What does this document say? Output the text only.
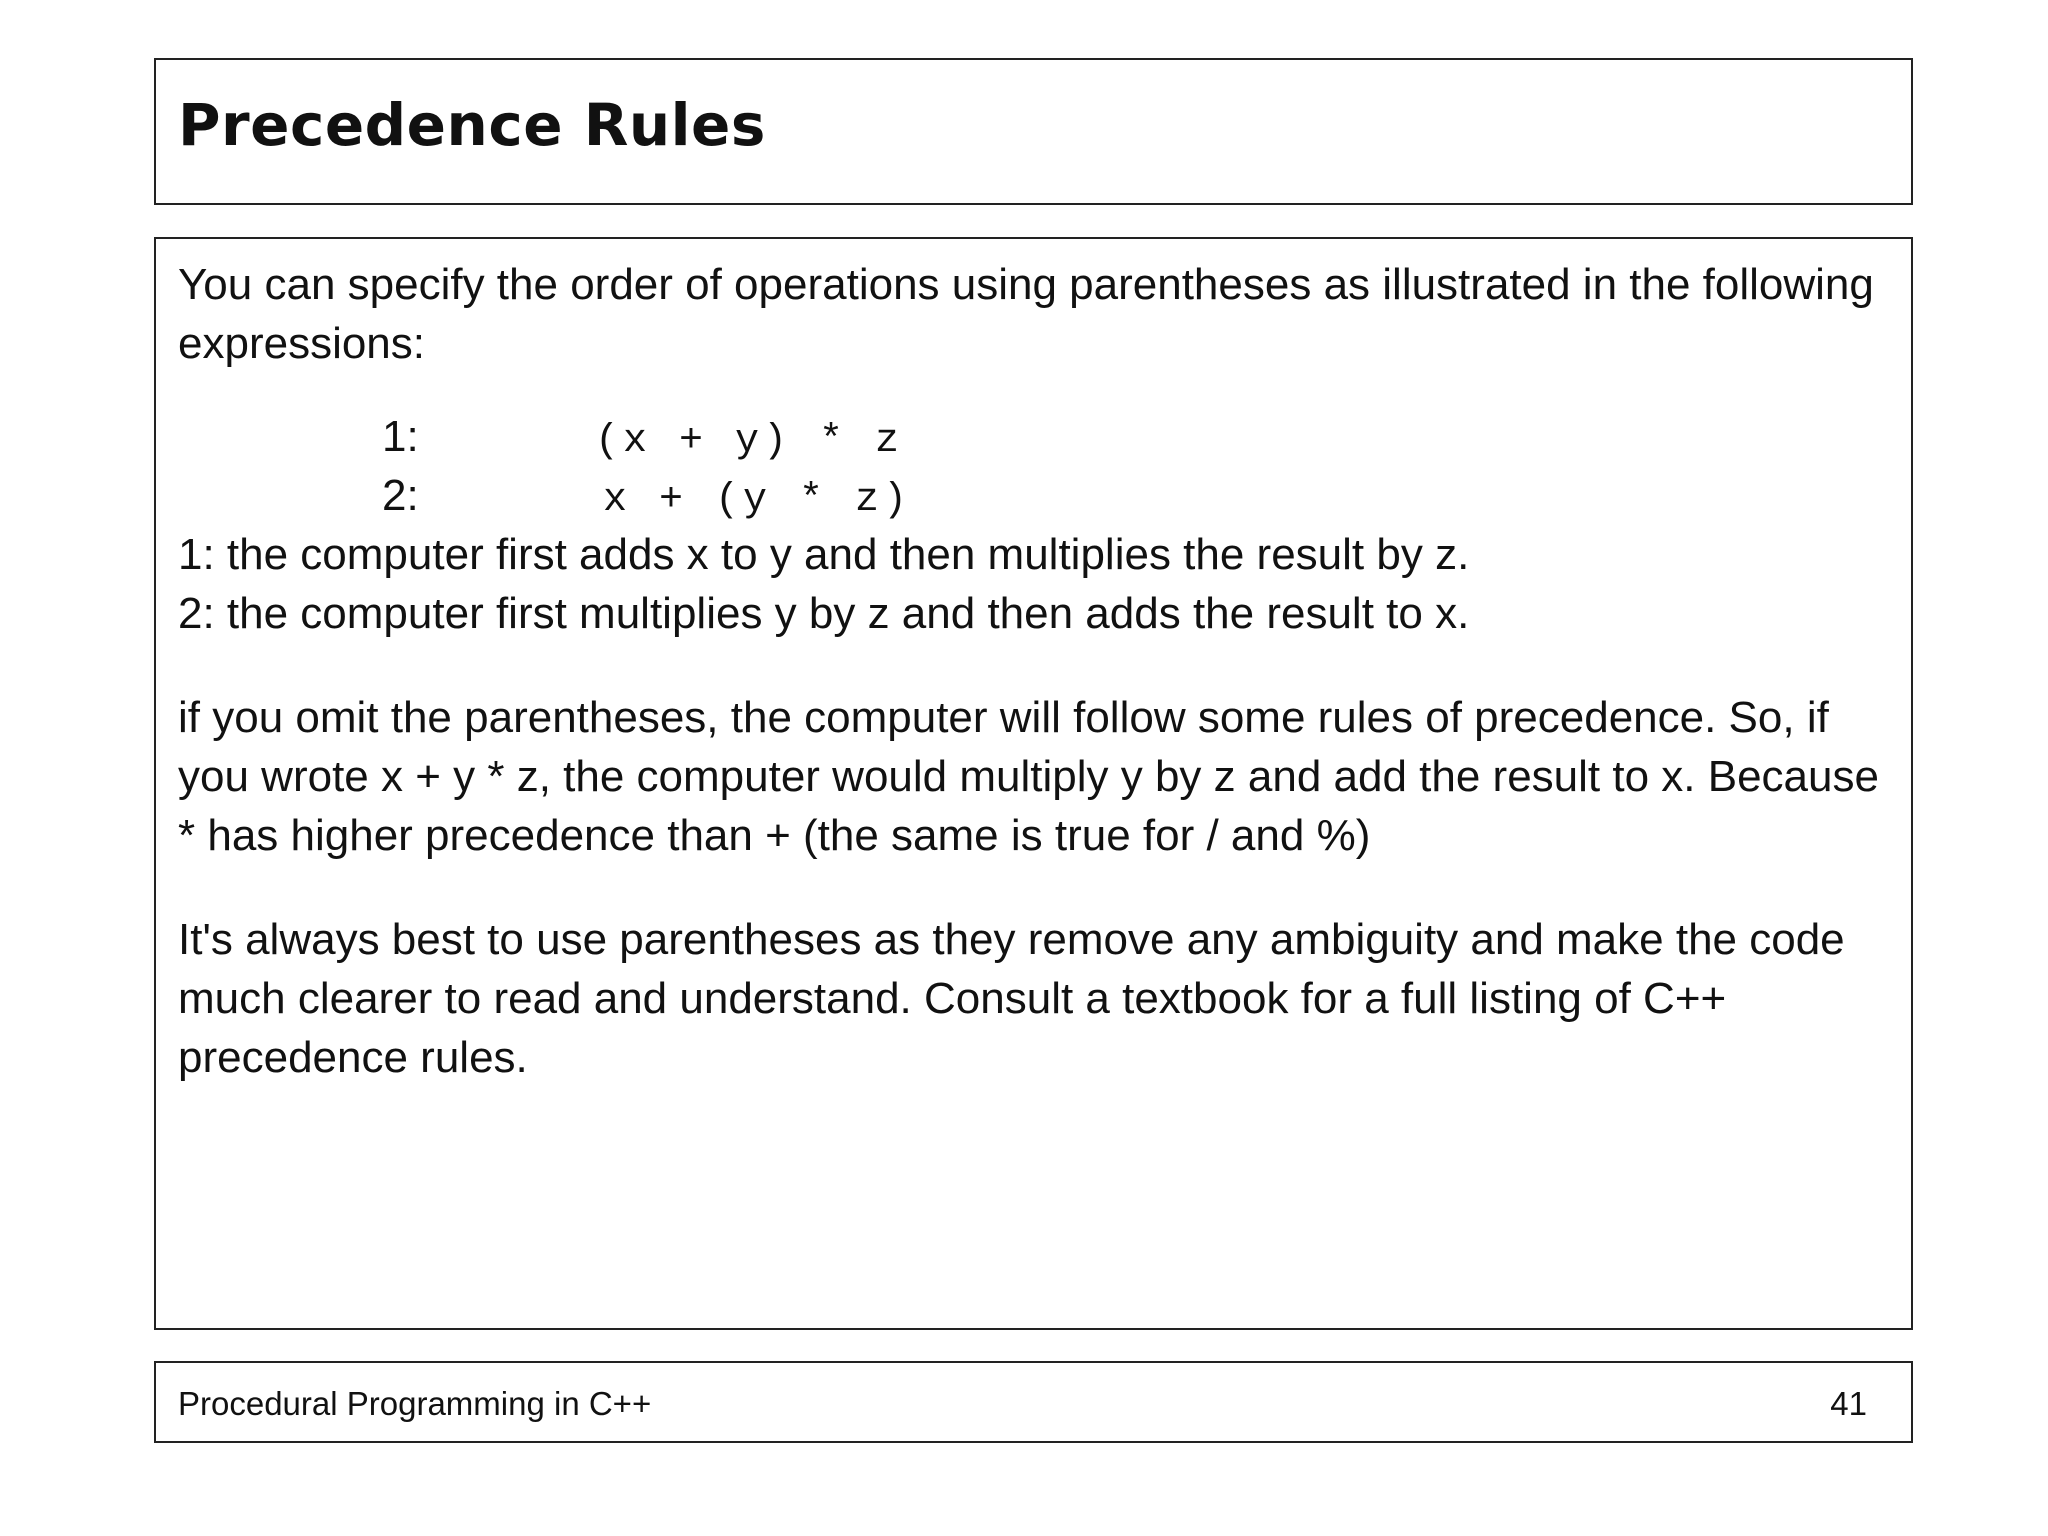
Precedence Rules

You can specify the order of operations using parentheses as illustrated in the following expressions:

1:	(x + y) * z
2:	x + (y * z)

1: the computer first adds x to y and then multiplies the result by z.

2: the computer first multiplies y by z and then adds the result to x.

if you omit the parentheses, the computer will follow some rules of precedence. So, if you wrote x + y * z, the computer would multiply y by z and add the result to x. Because * has higher precedence than + (the same is true for / and %)

It's always best to use parentheses as they remove any ambiguity and make the code much clearer to read and understand. Consult a textbook for a full listing of C++ precedence rules.

Procedural Programming in C++	41
